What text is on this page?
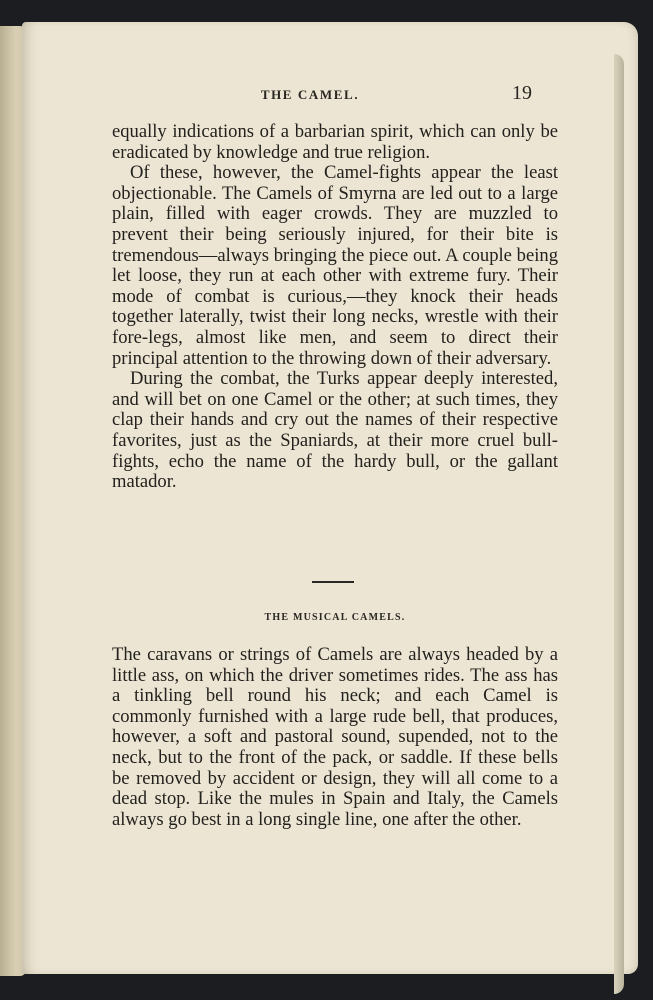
THE CAMEL.	19

equally indications of a barbarian spirit, which can only be eradicated by knowledge and true religion.

Of these, however, the Camel-fights appear the least objectionable. The Camels of Smyrna are led out to a large plain, filled with eager crowds. They are muzzled to prevent their being seriously injured, for their bite is tremendous—always bringing the piece out. A couple being let loose, they run at each other with extreme fury. Their mode of combat is curious,—they knock their heads together laterally, twist their long necks, wrestle with their fore-legs, almost like men, and seem to direct their principal attention to the throwing down of their adversary.

During the combat, the Turks appear deeply interested, and will bet on one Camel or the other; at such times, they clap their hands and cry out the names of their respective favorites, just as the Spaniards, at their more cruel bull-fights, echo the name of the hardy bull, or the gallant matador.

THE MUSICAL CAMELS.

The caravans or strings of Camels are always headed by a little ass, on which the driver sometimes rides. The ass has a tinkling bell round his neck; and each Camel is commonly furnished with a large rude bell, that produces, however, a soft and pastoral sound, supended, not to the neck, but to the front of the pack, or saddle. If these bells be removed by accident or design, they will all come to a dead stop. Like the mules in Spain and Italy, the Camels always go best in a long single line, one after the other.
